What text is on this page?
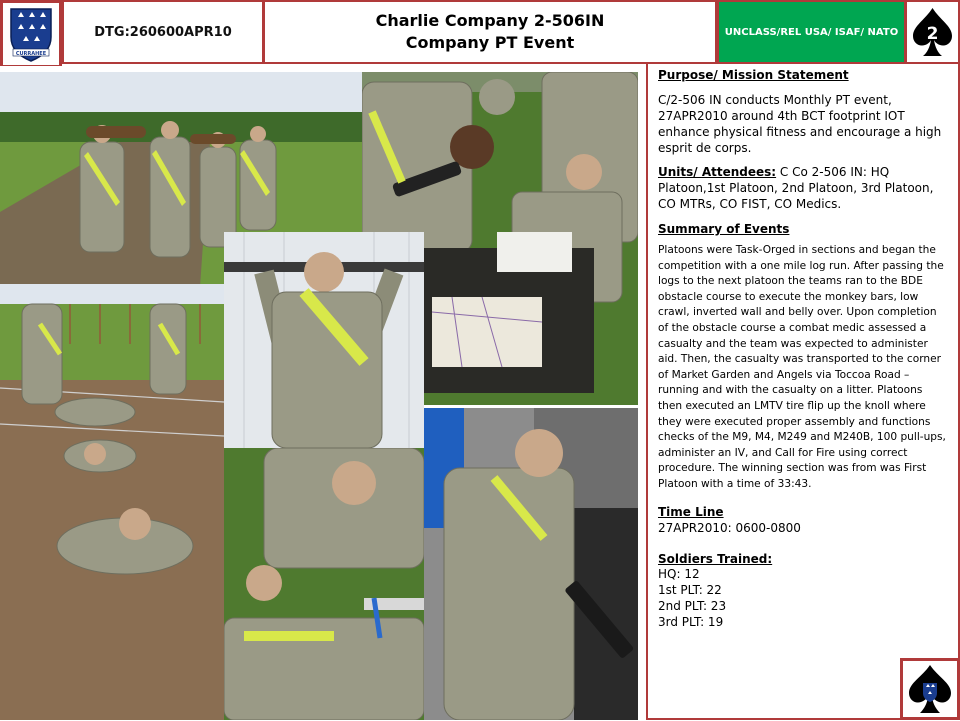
CURRAHEE
DTG:260600APR10
Charlie Company 2-506IN
Company PT Event
UNCLASS/REL USA/ ISAF/ NATO 2

Purpose/ Mission Statement

C/2-506 IN conducts Monthly PT event, 27APR2010 around 4th BCT footprint IOT enhance physical fitness and encourage a high esprit de corps.

Units/ Attendees: C Co 2-506 IN: HQ Platoon,1st Platoon, 2nd Platoon, 3rd Platoon, CO MTRs, CO FIST, CO Medics.

Summary of Events

Platoons were Task-Orged in sections and began the competition with a one mile log run. After passing the logs to the next platoon the teams ran to the BDE obstacle course to execute the monkey bars, low crawl, inverted wall and belly over. Upon completion of the obstacle course a combat medic assessed a casualty and the team was expected to administer aid. Then, the casualty was transported to the corner of Market Garden and Angels via Toccoa Road – running and with the casualty on a litter. Platoons then executed an LMTV tire flip up the knoll where they were executed proper assembly and functions checks of the M9, M4, M249 and M240B, 100 pull-ups, administer an IV, and Call for Fire using correct procedure. The winning section was from was First Platoon with a time of 33:43.

Time Line

27APR2010: 0600-0800

Soldiers Trained:

HQ: 12

1st PLT: 22

2nd PLT: 23

3rd PLT: 19
